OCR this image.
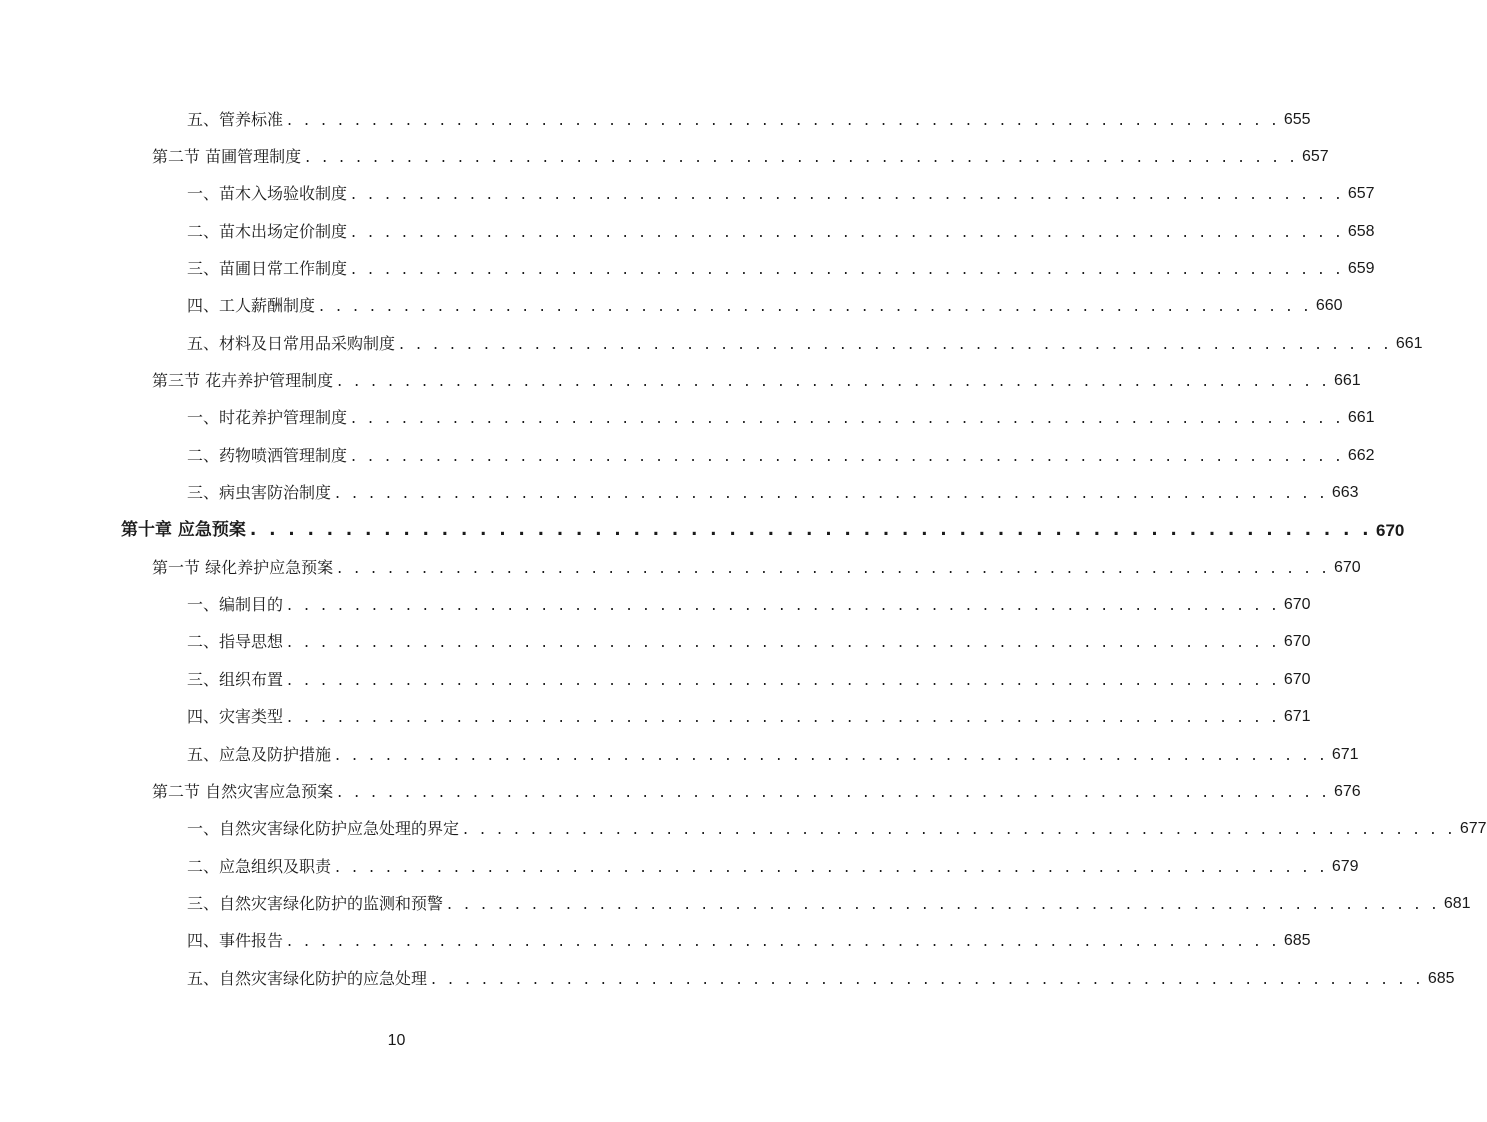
五、管养标准 . . . . . . . . . . . . . . . . . . . . . . . . . . . . . . . . . . . . . . . . . . . . . . . . . . . . . . . . . . . 655
第二节 苗圃管理制度 . . . . . . . . . . . . . . . . . . . . . . . . . . . . . . . . . . . . . . . . . . . . . . . . . . . . . . . . . . . 657
一、苗木入场验收制度 . . . . . . . . . . . . . . . . . . . . . . . . . . . . . . . . . . . . . . . . . . . . . . . . . . . . . . . . . . . 657
二、苗木出场定价制度 . . . . . . . . . . . . . . . . . . . . . . . . . . . . . . . . . . . . . . . . . . . . . . . . . . . . . . . . . . . 658
三、苗圃日常工作制度 . . . . . . . . . . . . . . . . . . . . . . . . . . . . . . . . . . . . . . . . . . . . . . . . . . . . . . . . . . . 659
四、工人薪酬制度 . . . . . . . . . . . . . . . . . . . . . . . . . . . . . . . . . . . . . . . . . . . . . . . . . . . . . . . . . . . 660
五、材料及日常用品采购制度 . . . . . . . . . . . . . . . . . . . . . . . . . . . . . . . . . . . . . . . . . . . . . . . . . . . . . . . . . . . 661
第三节 花卉养护管理制度 . . . . . . . . . . . . . . . . . . . . . . . . . . . . . . . . . . . . . . . . . . . . . . . . . . . . . . . . . . . 661
一、时花养护管理制度 . . . . . . . . . . . . . . . . . . . . . . . . . . . . . . . . . . . . . . . . . . . . . . . . . . . . . . . . . . . 661
二、药物喷洒管理制度 . . . . . . . . . . . . . . . . . . . . . . . . . . . . . . . . . . . . . . . . . . . . . . . . . . . . . . . . . . . 662
三、病虫害防治制度 . . . . . . . . . . . . . . . . . . . . . . . . . . . . . . . . . . . . . . . . . . . . . . . . . . . . . . . . . . . 663
第十章 应急预案 . . . . . . . . . . . . . . . . . . . . . . . . . . . . . . . . . . . . . . . . . . . . . . . . . . . . . . . . . . . 670
第一节 绿化养护应急预案 . . . . . . . . . . . . . . . . . . . . . . . . . . . . . . . . . . . . . . . . . . . . . . . . . . . . . . . . . . . 670
一、编制目的 . . . . . . . . . . . . . . . . . . . . . . . . . . . . . . . . . . . . . . . . . . . . . . . . . . . . . . . . . . . 670
二、指导思想 . . . . . . . . . . . . . . . . . . . . . . . . . . . . . . . . . . . . . . . . . . . . . . . . . . . . . . . . . . . 670
三、组织布置 . . . . . . . . . . . . . . . . . . . . . . . . . . . . . . . . . . . . . . . . . . . . . . . . . . . . . . . . . . . 670
四、灾害类型 . . . . . . . . . . . . . . . . . . . . . . . . . . . . . . . . . . . . . . . . . . . . . . . . . . . . . . . . . . . 671
五、应急及防护措施 . . . . . . . . . . . . . . . . . . . . . . . . . . . . . . . . . . . . . . . . . . . . . . . . . . . . . . . . . . . 671
第二节 自然灾害应急预案 . . . . . . . . . . . . . . . . . . . . . . . . . . . . . . . . . . . . . . . . . . . . . . . . . . . . . . . . . . . 676
一、自然灾害绿化防护应急处理的界定 . . . . . . . . . . . . . . . . . . . . . . . . . . . . . . . . . . . . . . . . . . . . . . . . . . . . . . . . . . . 677
二、应急组织及职责 . . . . . . . . . . . . . . . . . . . . . . . . . . . . . . . . . . . . . . . . . . . . . . . . . . . . . . . . . . . 679
三、自然灾害绿化防护的监测和预警 . . . . . . . . . . . . . . . . . . . . . . . . . . . . . . . . . . . . . . . . . . . . . . . . . . . . . . . . . . . 681
四、事件报告 . . . . . . . . . . . . . . . . . . . . . . . . . . . . . . . . . . . . . . . . . . . . . . . . . . . . . . . . . . . 685
五、自然灾害绿化防护的应急处理 . . . . . . . . . . . . . . . . . . . . . . . . . . . . . . . . . . . . . . . . . . . . . . . . . . . . . . . . . . . 685
10
